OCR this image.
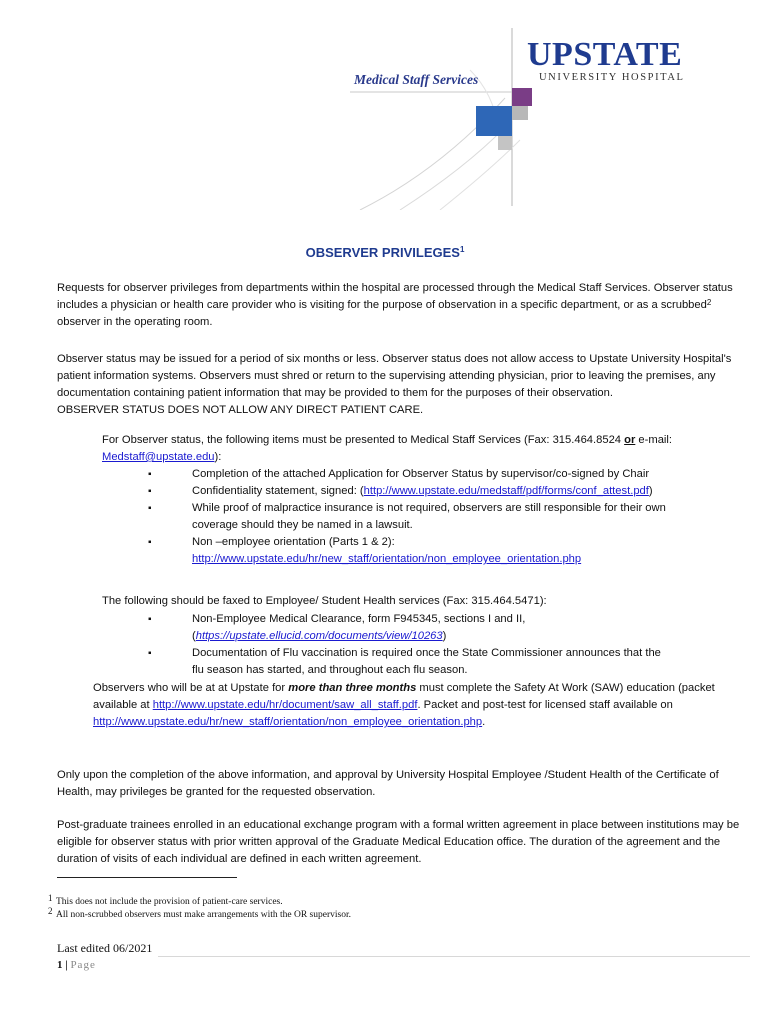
Medical Staff Services
UPSTATE
UNIVERSITY HOSPITAL
OBSERVER PRIVILEGES$^1$

Requests for observer privileges from departments within the hospital are processed through the Medical Staff Services. Observer status includes a physician or health care provider who is visiting for the purpose of observation in a specific department, or as a scrubbed$^2$ observer in the operating room.

Observer status may be issued for a period of six months or less. Observer status does not allow access to Upstate University Hospital's patient information systems. Observers must shred or return to the supervising attending physician, prior to leaving the premises, any documentation containing patient information that may be provided to them for the purposes of their observation.

OBSERVER STATUS DOES NOT ALLOW ANY DIRECT PATIENT CARE.

For Observer status, the following items must be presented to Medical Staff Services (Fax: 315.464.8524 or e-mail: Medstaff@upstate.edu):
▪ Completion of the attached Application for Observer Status by supervisor/co-signed by Chair
▪ Confidentiality statement, signed: (http://www.upstate.edu/medstaff/pdf/forms/conf_attest.pdf)
▪ While proof of malpractice insurance is not required, observers are still responsible for their own coverage should they be named in a lawsuit.
▪ Non –employee orientation (Parts 1 & 2):
http://www.upstate.edu/hr/new_staff/orientation/non_employee_orientation.php
The following should be faxed to Employee/ Student Health services (Fax: 315.464.5471):
▪ Non-Employee Medical Clearance, form F945345, sections I and II, (https://upstate.ellucid.com/documents/view/10263)
▪ Documentation of Flu vaccination is required once the State Commissioner announces that the flu season has started, and throughout each flu season.
Observers who will be at at Upstate for more than three months must complete the Safety At Work (SAW) education (packet available at http://www.upstate.edu/hr/document/saw_all_staff.pdf. Packet and post-test for licensed staff available on http://www.upstate.edu/hr/new_staff/orientation/non_employee_orientation.php.
Only upon the completion of the above information, and approval by University Hospital Employee /Student Health of the Certificate of Health, may privileges be granted for the requested observation.
Post-graduate trainees enrolled in an educational exchange program with a formal written agreement in place between institutions may be eligible for observer status with prior written approval of the Graduate Medical Education office. The duration of the agreement and the duration of visits of each individual are defined in each written agreement.
1 This does not include the provision of patient-care services.
2 All non-scrubbed observers must make arrangements with the OR supervisor.
Last edited 06/2021
1 | Page
